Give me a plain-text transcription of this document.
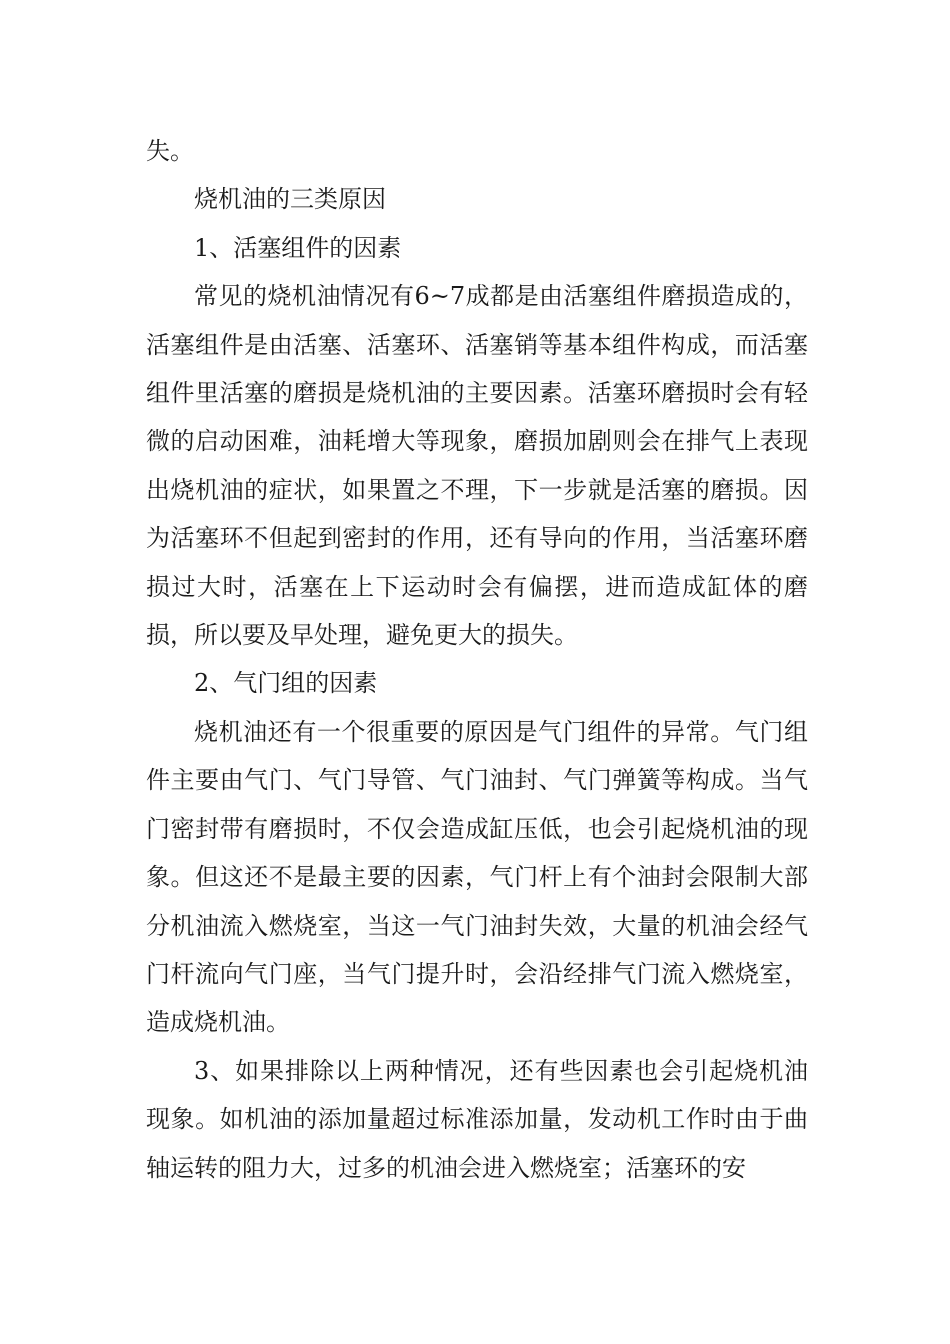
失。

烧机油的三类原因

1、活塞组件的因素

常见的烧机油情况有6~7成都是由活塞组件磨损造成的，活塞组件是由活塞、活塞环、活塞销等基本组件构成，而活塞组件里活塞的磨损是烧机油的主要因素。活塞环磨损时会有轻微的启动困难，油耗增大等现象，磨损加剧则会在排气上表现出烧机油的症状，如果置之不理，下一步就是活塞的磨损。因为活塞环不但起到密封的作用，还有导向的作用，当活塞环磨损过大时，活塞在上下运动时会有偏摆，进而造成缸体的磨损，所以要及早处理，避免更大的损失。

2、气门组的因素

烧机油还有一个很重要的原因是气门组件的异常。气门组件主要由气门、气门导管、气门油封、气门弹簧等构成。当气门密封带有磨损时，不仅会造成缸压低，也会引起烧机油的现象。但这还不是最主要的因素，气门杆上有个油封会限制大部分机油流入燃烧室，当这一气门油封失效，大量的机油会经气门杆流向气门座，当气门提升时，会沿经排气门流入燃烧室，造成烧机油。

3、如果排除以上两种情况，还有些因素也会引起烧机油现象。如机油的添加量超过标准添加量，发动机工作时由于曲轴运转的阻力大，过多的机油会进入燃烧室；活塞环的安
